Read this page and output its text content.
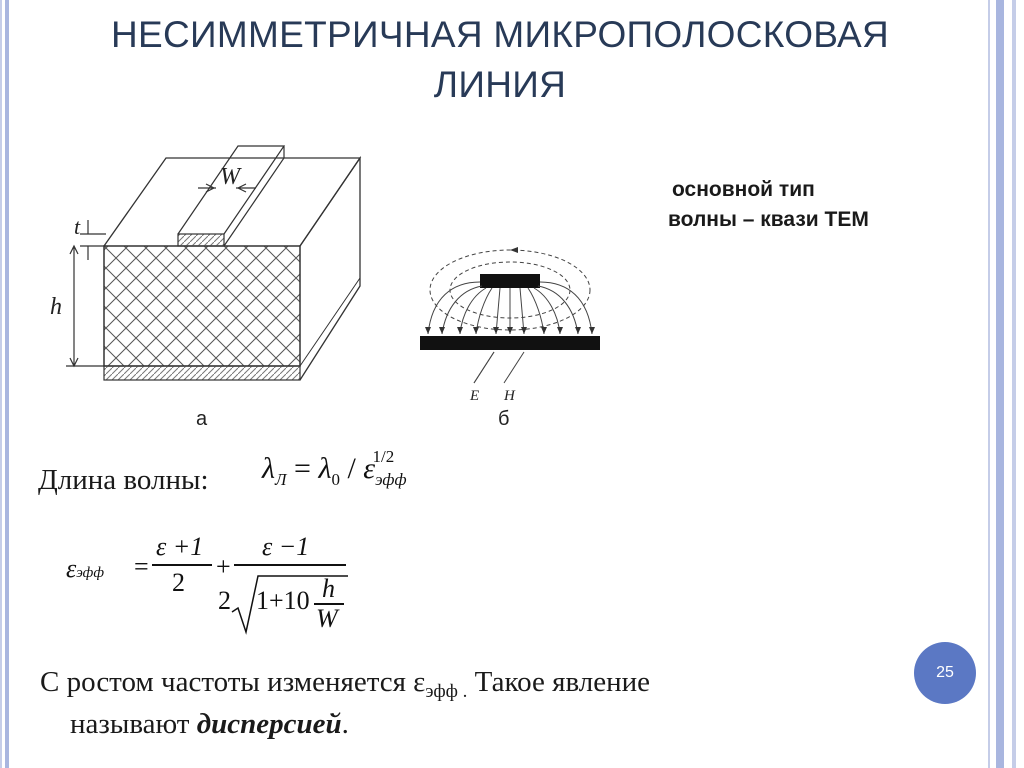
НЕСИММЕТРИЧНАЯ МИКРОПОЛОСКОВАЯ
ЛИНИЯ
W
t
h
а
E H
б
основной тип
волны – квази ТЕМ
Длина волны: $\lambda_Л = \lambda_0 / \varepsilon_{эфф}^{1/2}$
εэфф =
ε +1
2
+
ε −1
2 1+10 h
W
С ростом частоты изменяется $\varepsilon_{эфф .}$ Такое явление
называют дисперсией.
25
